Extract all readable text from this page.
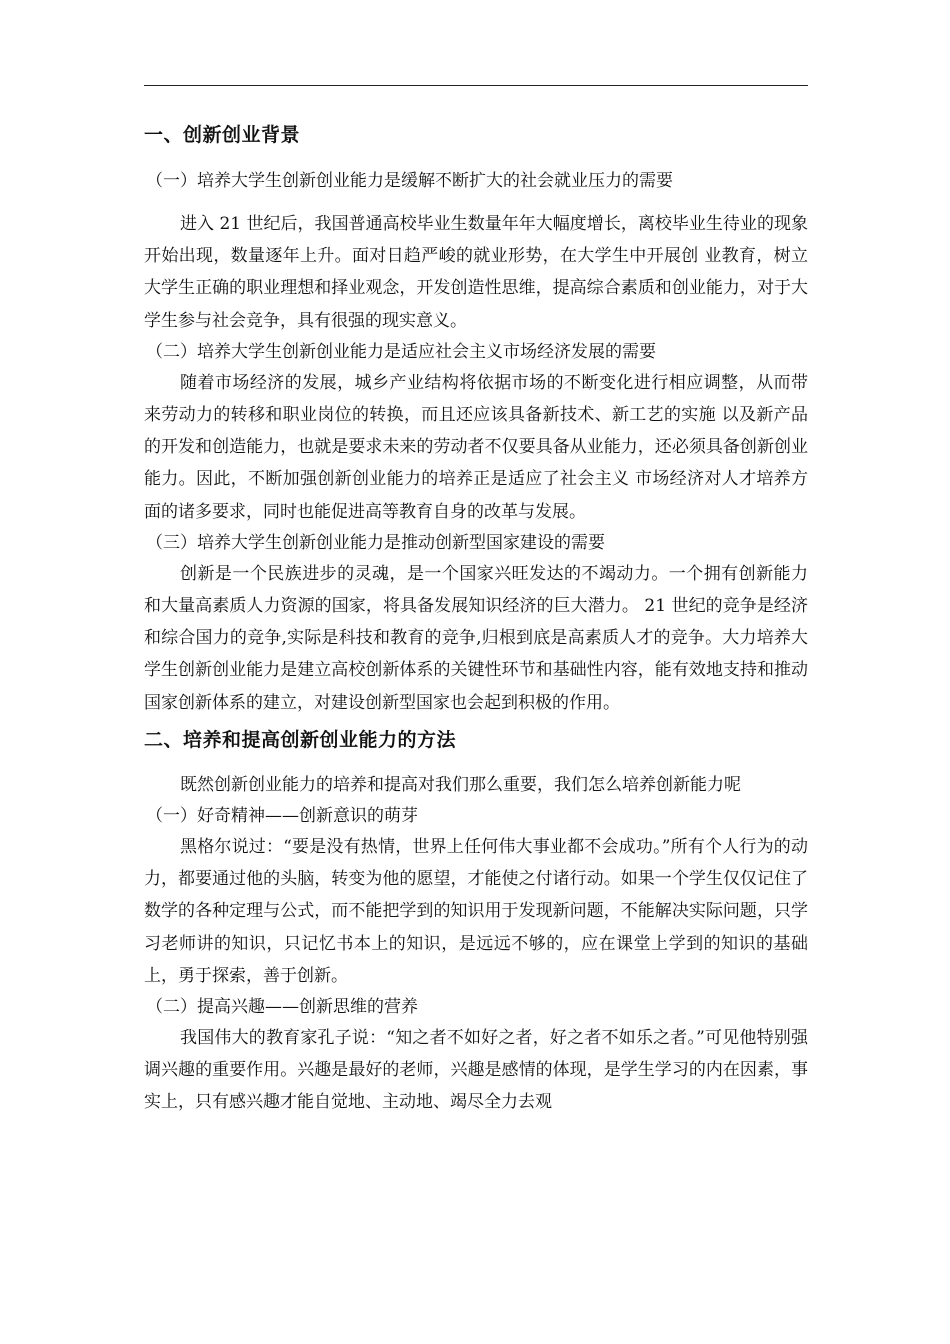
一、创新创业背景
（一）培养大学生创新创业能力是缓解不断扩大的社会就业压力的需要

进入 21 世纪后，我国普通高校毕业生数量年年大幅度增长，离校毕业生待业的现象开始出现，数量逐年上升。面对日趋严峻的就业形势，在大学生中开展创 业教育，树立大学生正确的职业理想和择业观念，开发创造性思维，提高综合素质和创业能力，对于大学生参与社会竞争，具有很强的现实意义。

（二）培养大学生创新创业能力是适应社会主义市场经济发展的需要

随着市场经济的发展，城乡产业结构将依据市场的不断变化进行相应调整，从而带来劳动力的转移和职业岗位的转换，而且还应该具备新技术、新工艺的实施 以及新产品的开发和创造能力，也就是要求未来的劳动者不仅要具备从业能力，还必须具备创新创业能力。因此，不断加强创新创业能力的培养正是适应了社会主义 市场经济对人才培养方面的诸多要求，同时也能促进高等教育自身的改革与发展。

（三）培养大学生创新创业能力是推动创新型国家建设的需要

创新是一个民族进步的灵魂，是一个国家兴旺发达的不竭动力。一个拥有创新能力和大量高素质人力资源的国家，将具备发展知识经济的巨大潜力。 21 世纪的竞争是经济和综合国力的竞争,实际是科技和教育的竞争,归根到底是高素质人才的竞争。大力培养大学生创新创业能力是建立高校创新体系的关键性环节和基础性内容，能有效地支持和推动国家创新体系的建立，对建设创新型国家也会起到积极的作用。

二、培养和提高创新创业能力的方法

既然创新创业能力的培养和提高对我们那么重要，我们怎么培养创新能力呢

（一）好奇精神——创新意识的萌芽

黑格尔说过：“要是没有热情，世界上任何伟大事业都不会成功。”所有个人行为的动力，都要通过他的头脑，转变为他的愿望，才能使之付诸行动。如果一个学生仅仅记住了数学的各种定理与公式，而不能把学到的知识用于发现新问题，不能解决实际问题，只学习老师讲的知识，只记忆书本上的知识，是远远不够的，应在课堂上学到的知识的基础上，勇于探索，善于创新。

（二）提高兴趣——创新思维的营养

我国伟大的教育家孔子说：“知之者不如好之者，好之者不如乐之者。”可见他特别强调兴趣的重要作用。兴趣是最好的老师，兴趣是感情的体现，是学生学习的内在因素，事实上，只有感兴趣才能自觉地、主动地、竭尽全力去观
